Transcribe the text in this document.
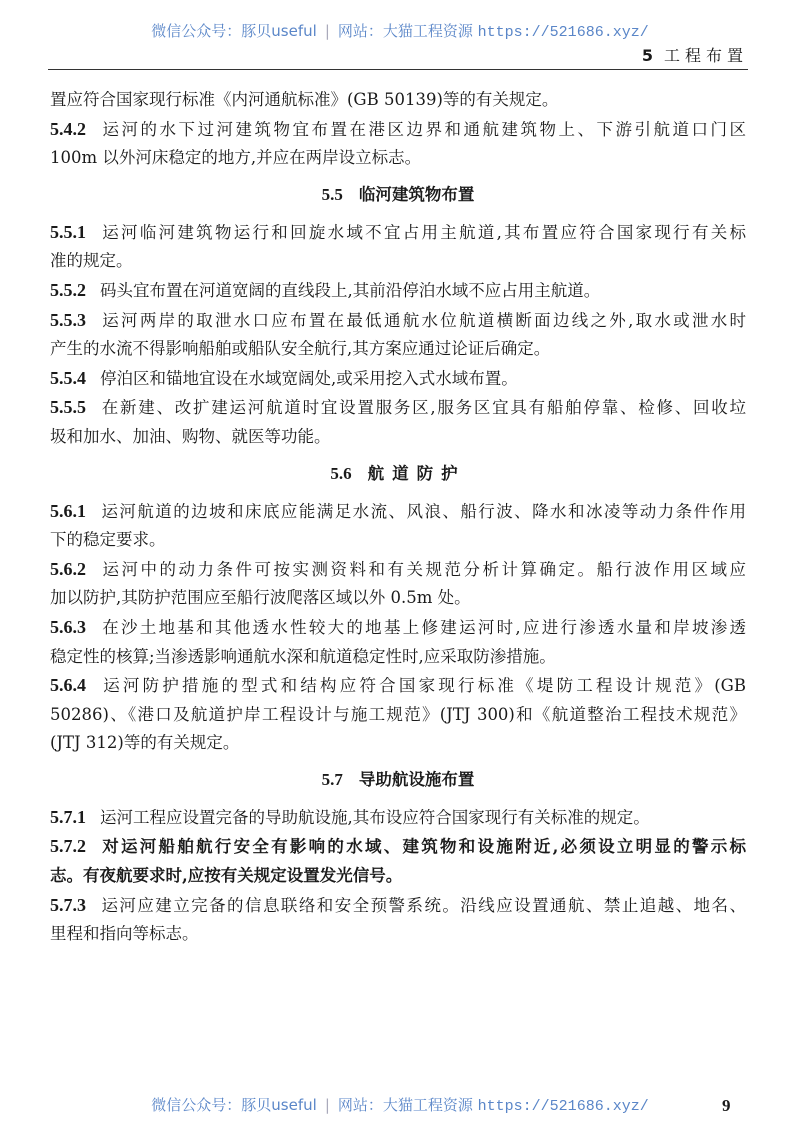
微信公众号：豚贝useful | 网站：大猫工程资源 https://521686.xyz/
5 工程布置
置应符合国家现行标准《内河通航标准》(GB 50139)等的有关规定。
5.4.2 运河的水下过河建筑物宜布置在港区边界和通航建筑物上、下游引航道口门区
100m 以外河床稳定的地方,并应在两岸设立标志。
5.5 临河建筑物布置
5.5.1 运河临河建筑物运行和回旋水域不宜占用主航道,其布置应符合国家现行有关标
准的规定。
5.5.2 码头宜布置在河道宽阔的直线段上,其前沿停泊水域不应占用主航道。
5.5.3 运河两岸的取泄水口应布置在最低通航水位航道横断面边线之外,取水或泄水时
产生的水流不得影响船舶或船队安全航行,其方案应通过论证后确定。
5.5.4 停泊区和锚地宜设在水域宽阔处,或采用挖入式水域布置。
5.5.5 在新建、改扩建运河航道时宜设置服务区,服务区宜具有船舶停靠、检修、回收垃
圾和加水、加油、购物、就医等功能。
5.6 航道防护
5.6.1 运河航道的边坡和床底应能满足水流、风浪、船行波、降水和冰凌等动力条件作用
下的稳定要求。
5.6.2 运河中的动力条件可按实测资料和有关规范分析计算确定。船行波作用区域应
加以防护,其防护范围应至船行波爬落区域以外 0.5m 处。
5.6.3 在沙土地基和其他透水性较大的地基上修建运河时,应进行渗透水量和岸坡渗透
稳定性的核算;当渗透影响通航水深和航道稳定性时,应采取防渗措施。
5.6.4 运河防护措施的型式和结构应符合国家现行标准《堤防工程设计规范》(GB
50286)、《港口及航道护岸工程设计与施工规范》(JTJ 300)和《航道整治工程技术规范》
(JTJ 312)等的有关规定。
5.7 导助航设施布置
5.7.1 运河工程应设置完备的导助航设施,其布设应符合国家现行有关标准的规定。
5.7.2 对运河船舶航行安全有影响的水域、建筑物和设施附近,必须设立明显的警示标
志。有夜航要求时,应按有关规定设置发光信号。
5.7.3 运河应建立完备的信息联络和安全预警系统。沿线应设置通航、禁止追越、地名、
里程和指向等标志。
微信公众号：豚贝useful | 网站：大猫工程资源 https://521686.xyz/	9
